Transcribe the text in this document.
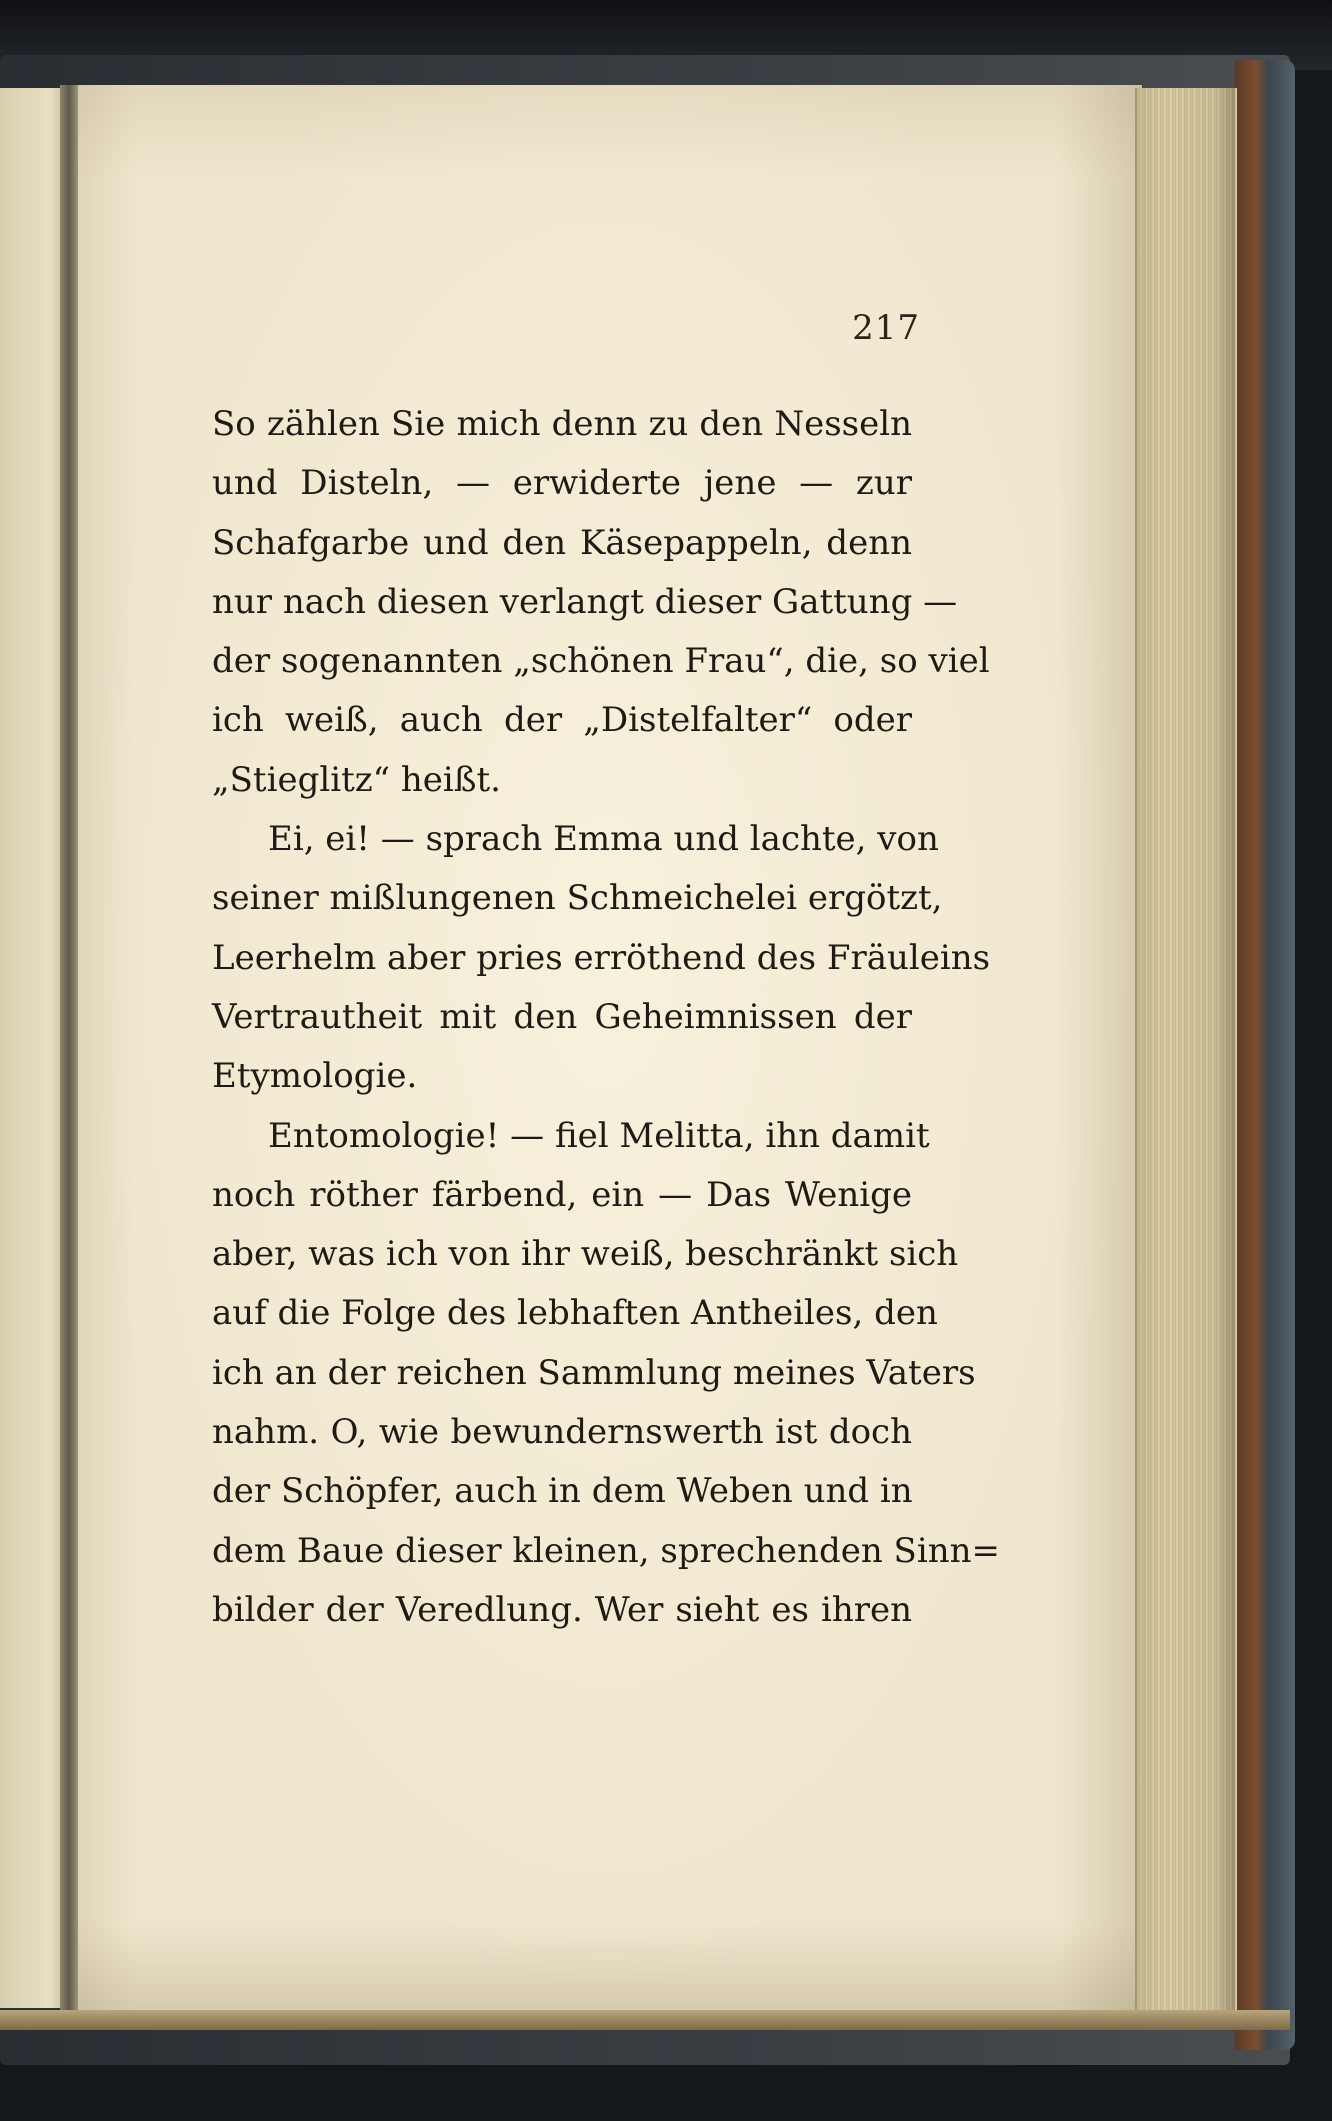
217
So zählen Sie mich denn zu den Nesseln
und Disteln, — erwiderte jene — zur
Schafgarbe und den Käsepappeln, denn
nur nach diesen verlangt dieser Gattung —
der sogenannten „schönen Frau“, die, so viel
ich weiß, auch der „Distelfalter“ oder
„Stieglitz“ heißt.
Ei, ei! — sprach Emma und lachte, von
seiner mißlungenen Schmeichelei ergötzt,
Leerhelm aber pries erröthend des Fräuleins
Vertrautheit mit den Geheimnissen der
Etymologie.
Entomologie! — fiel Melitta, ihn damit
noch röther färbend, ein — Das Wenige
aber, was ich von ihr weiß, beschränkt sich
auf die Folge des lebhaften Antheiles, den
ich an der reichen Sammlung meines Vaters
nahm. O, wie bewundernswerth ist doch
der Schöpfer, auch in dem Weben und in
dem Baue dieser kleinen, sprechenden Sinn=
bilder der Veredlung. Wer sieht es ihren
